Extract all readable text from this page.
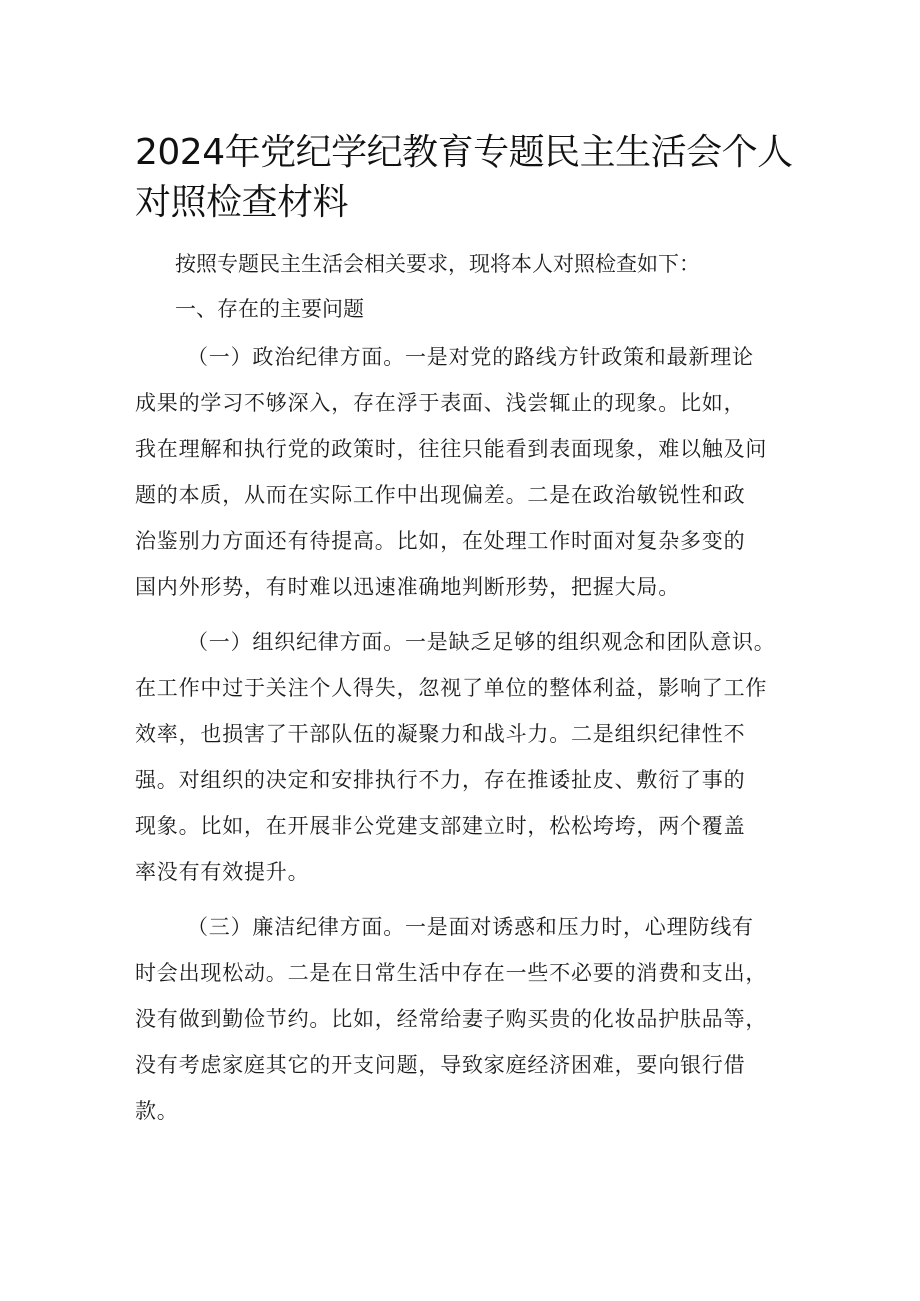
2024年党纪学纪教育专题民主生活会个人对照检查材料

按照专题民主生活会相关要求，现将本人对照检查如下：

一、存在的主要问题

（一）政治纪律方面。一是对党的路线方针政策和最新理论
成果的学习不够深入，存在浮于表面、浅尝辄止的现象。比如，
我在理解和执行党的政策时，往往只能看到表面现象，难以触及问
题的本质，从而在实际工作中出现偏差。二是在政治敏锐性和政
治鉴别力方面还有待提高。比如，在处理工作时面对复杂多变的
国内外形势，有时难以迅速准确地判断形势，把握大局。
（一）组织纪律方面。一是缺乏足够的组织观念和团队意识。
在工作中过于关注个人得失，忽视了单位的整体利益，影响了工作
效率，也损害了干部队伍的凝聚力和战斗力。二是组织纪律性不
强。对组织的决定和安排执行不力，存在推诿扯皮、敷衍了事的
现象。比如，在开展非公党建支部建立时，松松垮垮，两个覆盖
率没有有效提升。
（三）廉洁纪律方面。一是面对诱惑和压力时，心理防线有
时会出现松动。二是在日常生活中存在一些不必要的消费和支出，
没有做到勤俭节约。比如，经常给妻子购买贵的化妆品护肤品等，
没有考虑家庭其它的开支问题，导致家庭经济困难，要向银行借
款。
